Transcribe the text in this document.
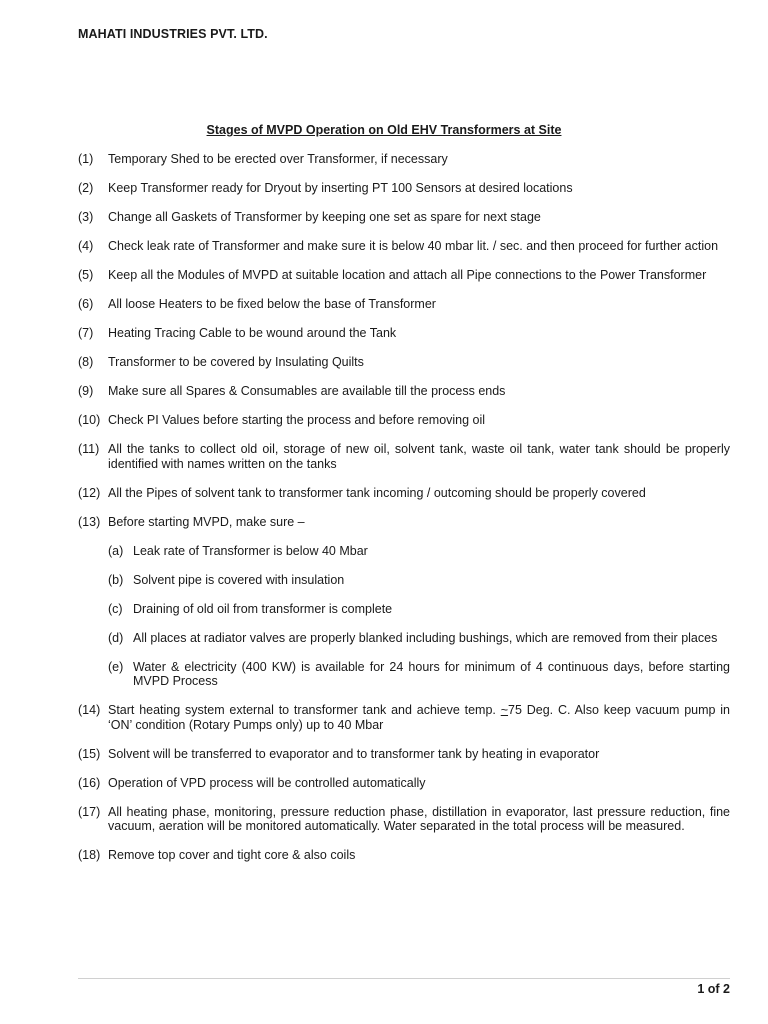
MAHATI INDUSTRIES PVT. LTD.
Stages of MVPD Operation on Old EHV Transformers at Site
(1)	Temporary Shed to be erected over Transformer, if necessary
(2)	Keep Transformer ready for Dryout by inserting PT 100 Sensors at desired locations
(3)	Change all Gaskets of Transformer by keeping one set as spare for next stage
(4)	Check leak rate of Transformer and make sure it is below 40 mbar lit. / sec. and then proceed for further action
(5)	Keep all the Modules of MVPD at suitable location and attach all Pipe connections to the Power Transformer
(6)	All loose Heaters to be fixed below the base of Transformer
(7)	Heating Tracing Cable to be wound around the Tank
(8)	Transformer to be covered by Insulating Quilts
(9)	Make sure all Spares & Consumables are available till the process ends
(10) Check PI Values before starting the process and before removing oil
(11) All the tanks to collect old oil, storage of new oil, solvent tank, waste oil tank, water tank should be properly identified with names written on the tanks
(12) All the Pipes of solvent tank to transformer tank incoming / outcoming should be properly covered
(13) Before starting MVPD, make sure –
(a) Leak rate of Transformer is below 40 Mbar
(b) Solvent pipe is covered with insulation
(c) Draining of old oil from transformer is complete
(d) All places at radiator valves are properly blanked including bushings, which are removed from their places
(e) Water & electricity (400 KW) is available for 24 hours for minimum of 4 continuous days, before starting MVPD Process
(14) Start heating system external to transformer tank and achieve temp. ~75 Deg. C. Also keep vacuum pump in ‘ON’ condition (Rotary Pumps only) up to 40 Mbar
(15) Solvent will be transferred to evaporator and to transformer tank by heating in evaporator
(16) Operation of VPD process will be controlled automatically
(17) All heating phase, monitoring, pressure reduction phase, distillation in evaporator, last pressure reduction, fine vacuum, aeration will be monitored automatically. Water separated in the total process will be measured.
(18) Remove top cover and tight core & also coils
1 of 2
